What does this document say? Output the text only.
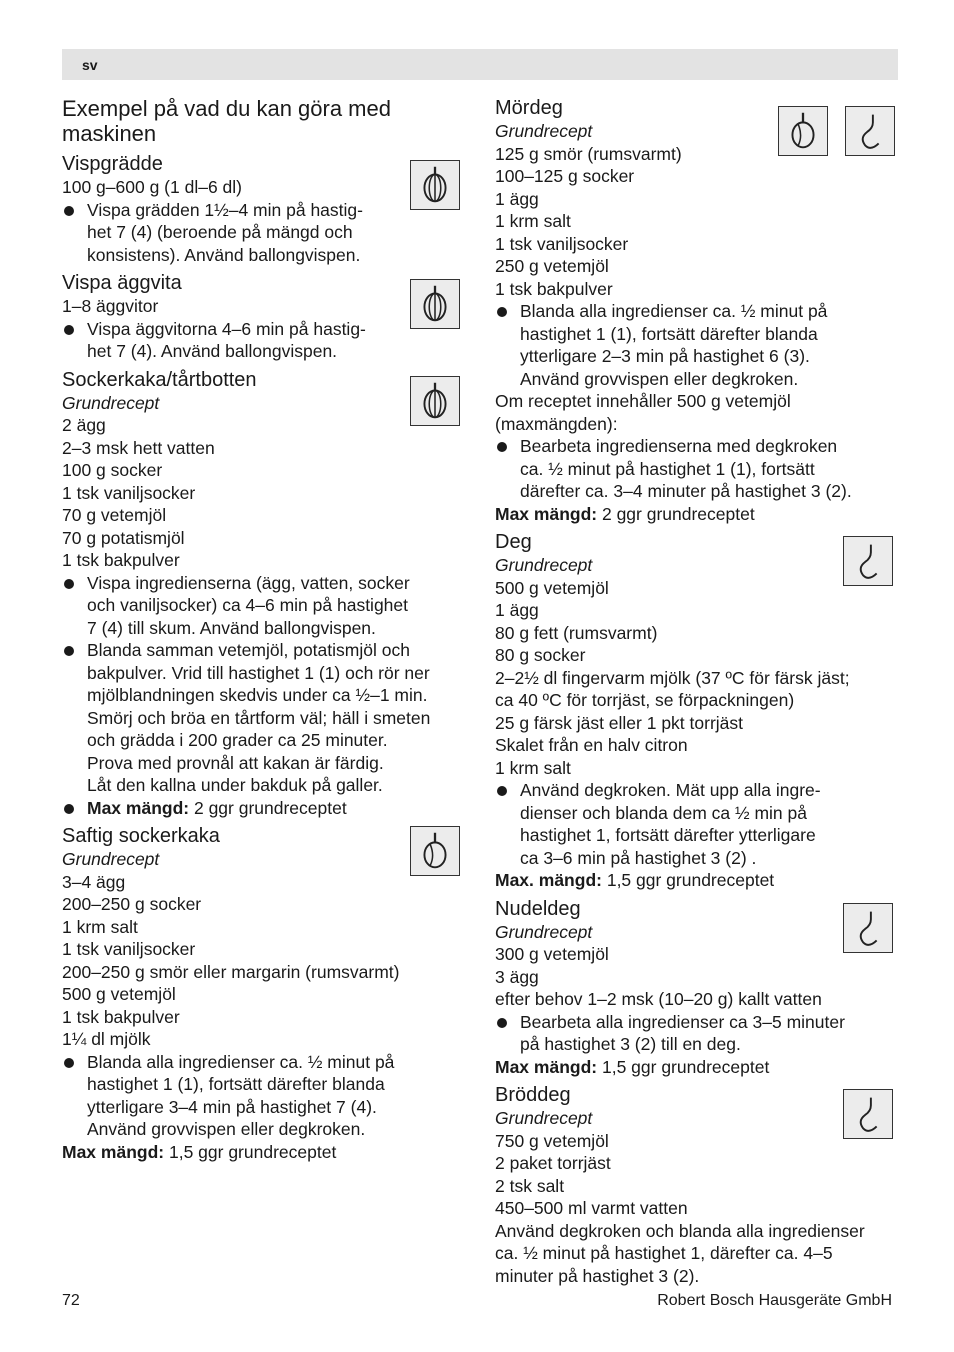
sv
Exempel på vad du kan göra med maskinen
Vispgrädde
100 g–600 g (1 dl–6 dl)
Vispa grädden 1½–4 min på hastig-
het 7 (4) (beroende på mängd och
konsistens). Använd ballongvispen.
Vispa äggvita
1–8 äggvitor
Vispa äggvitorna 4–6 min på hastig-
het 7 (4). Använd ballongvispen.
Sockerkaka/tårtbotten
Grundrecept
2 ägg
2–3 msk hett vatten
100 g socker
1 tsk vaniljsocker
70 g vetemjöl
70 g potatismjöl
1 tsk bakpulver
Vispa ingredienserna (ägg, vatten, socker
och vaniljsocker) ca 4–6 min på hastighet
7 (4) till skum. Använd ballongvispen.
Blanda samman vetemjöl, potatismjöl och
bakpulver. Vrid till hastighet 1 (1) och rör ner
mjölblandningen skedvis under ca ½–1 min.
Smörj och bröa en tårtform väl; häll i smeten
och grädda i 200 grader ca 25 minuter.
Prova med provnål att kakan är färdig.
Låt den kallna under bakduk på galler.
Max mängd: 2 ggr grundreceptet
Saftig sockerkaka
Grundrecept
3–4 ägg
200–250 g socker
1 krm salt
1 tsk vaniljsocker
200–250 g smör eller margarin (rumsvarmt)
500 g vetemjöl
1 tsk bakpulver
1¼ dl mjölk
Blanda alla ingredienser ca. ½ minut på
hastighet 1 (1), fortsätt därefter blanda
ytterligare 3–4 min på hastighet 7 (4).
Använd grovvispen eller degkroken.
Max mängd: 1,5 ggr grundreceptet
Mördeg
Grundrecept
125 g smör (rumsvarmt)
100–125 g socker
1 ägg
1 krm salt
1 tsk vaniljsocker
250 g vetemjöl
1 tsk bakpulver
Blanda alla ingredienser ca. ½ minut på
hastighet 1 (1), fortsätt därefter blanda
ytterligare 2–3 min på hastighet 6 (3).
Använd grovvispen eller degkroken.
Om receptet innehåller 500 g vetemjöl
(maxmängden):
Bearbeta ingredienserna med degkroken
ca. ½ minut på hastighet 1 (1), fortsätt
därefter ca. 3–4 minuter på hastighet 3 (2).
Max mängd: 2 ggr grundreceptet
Deg
Grundrecept
500 g vetemjöl
1 ägg
80 g fett (rumsvarmt)
80 g socker
2–2½ dl fingervarm mjölk (37 ºC för färsk jäst;
ca 40 ºC för torrjäst, se förpackningen)
25 g färsk jäst eller 1 pkt torrjäst
Skalet från en halv citron
1 krm salt
Använd degkroken. Mät upp alla ingre-
dienser och blanda dem ca ½ min på
hastighet 1, fortsätt därefter ytterligare
ca 3–6 min på hastighet 3 (2) .
Max. mängd: 1,5 ggr grundreceptet
Nudeldeg
Grundrecept
300 g vetemjöl
3 ägg
efter behov 1–2 msk (10–20 g) kallt vatten
Bearbeta alla ingredienser ca 3–5 minuter
på hastighet 3 (2) till en deg.
Max mängd: 1,5 ggr grundreceptet
Bröddeg
Grundrecept
750 g vetemjöl
2 paket torrjäst
2 tsk salt
450–500 ml varmt vatten
Använd degkroken och blanda alla ingredienser
ca. ½ minut på hastighet 1, därefter ca. 4–5
minuter på hastighet 3 (2).
72	Robert Bosch Hausgeräte GmbH
